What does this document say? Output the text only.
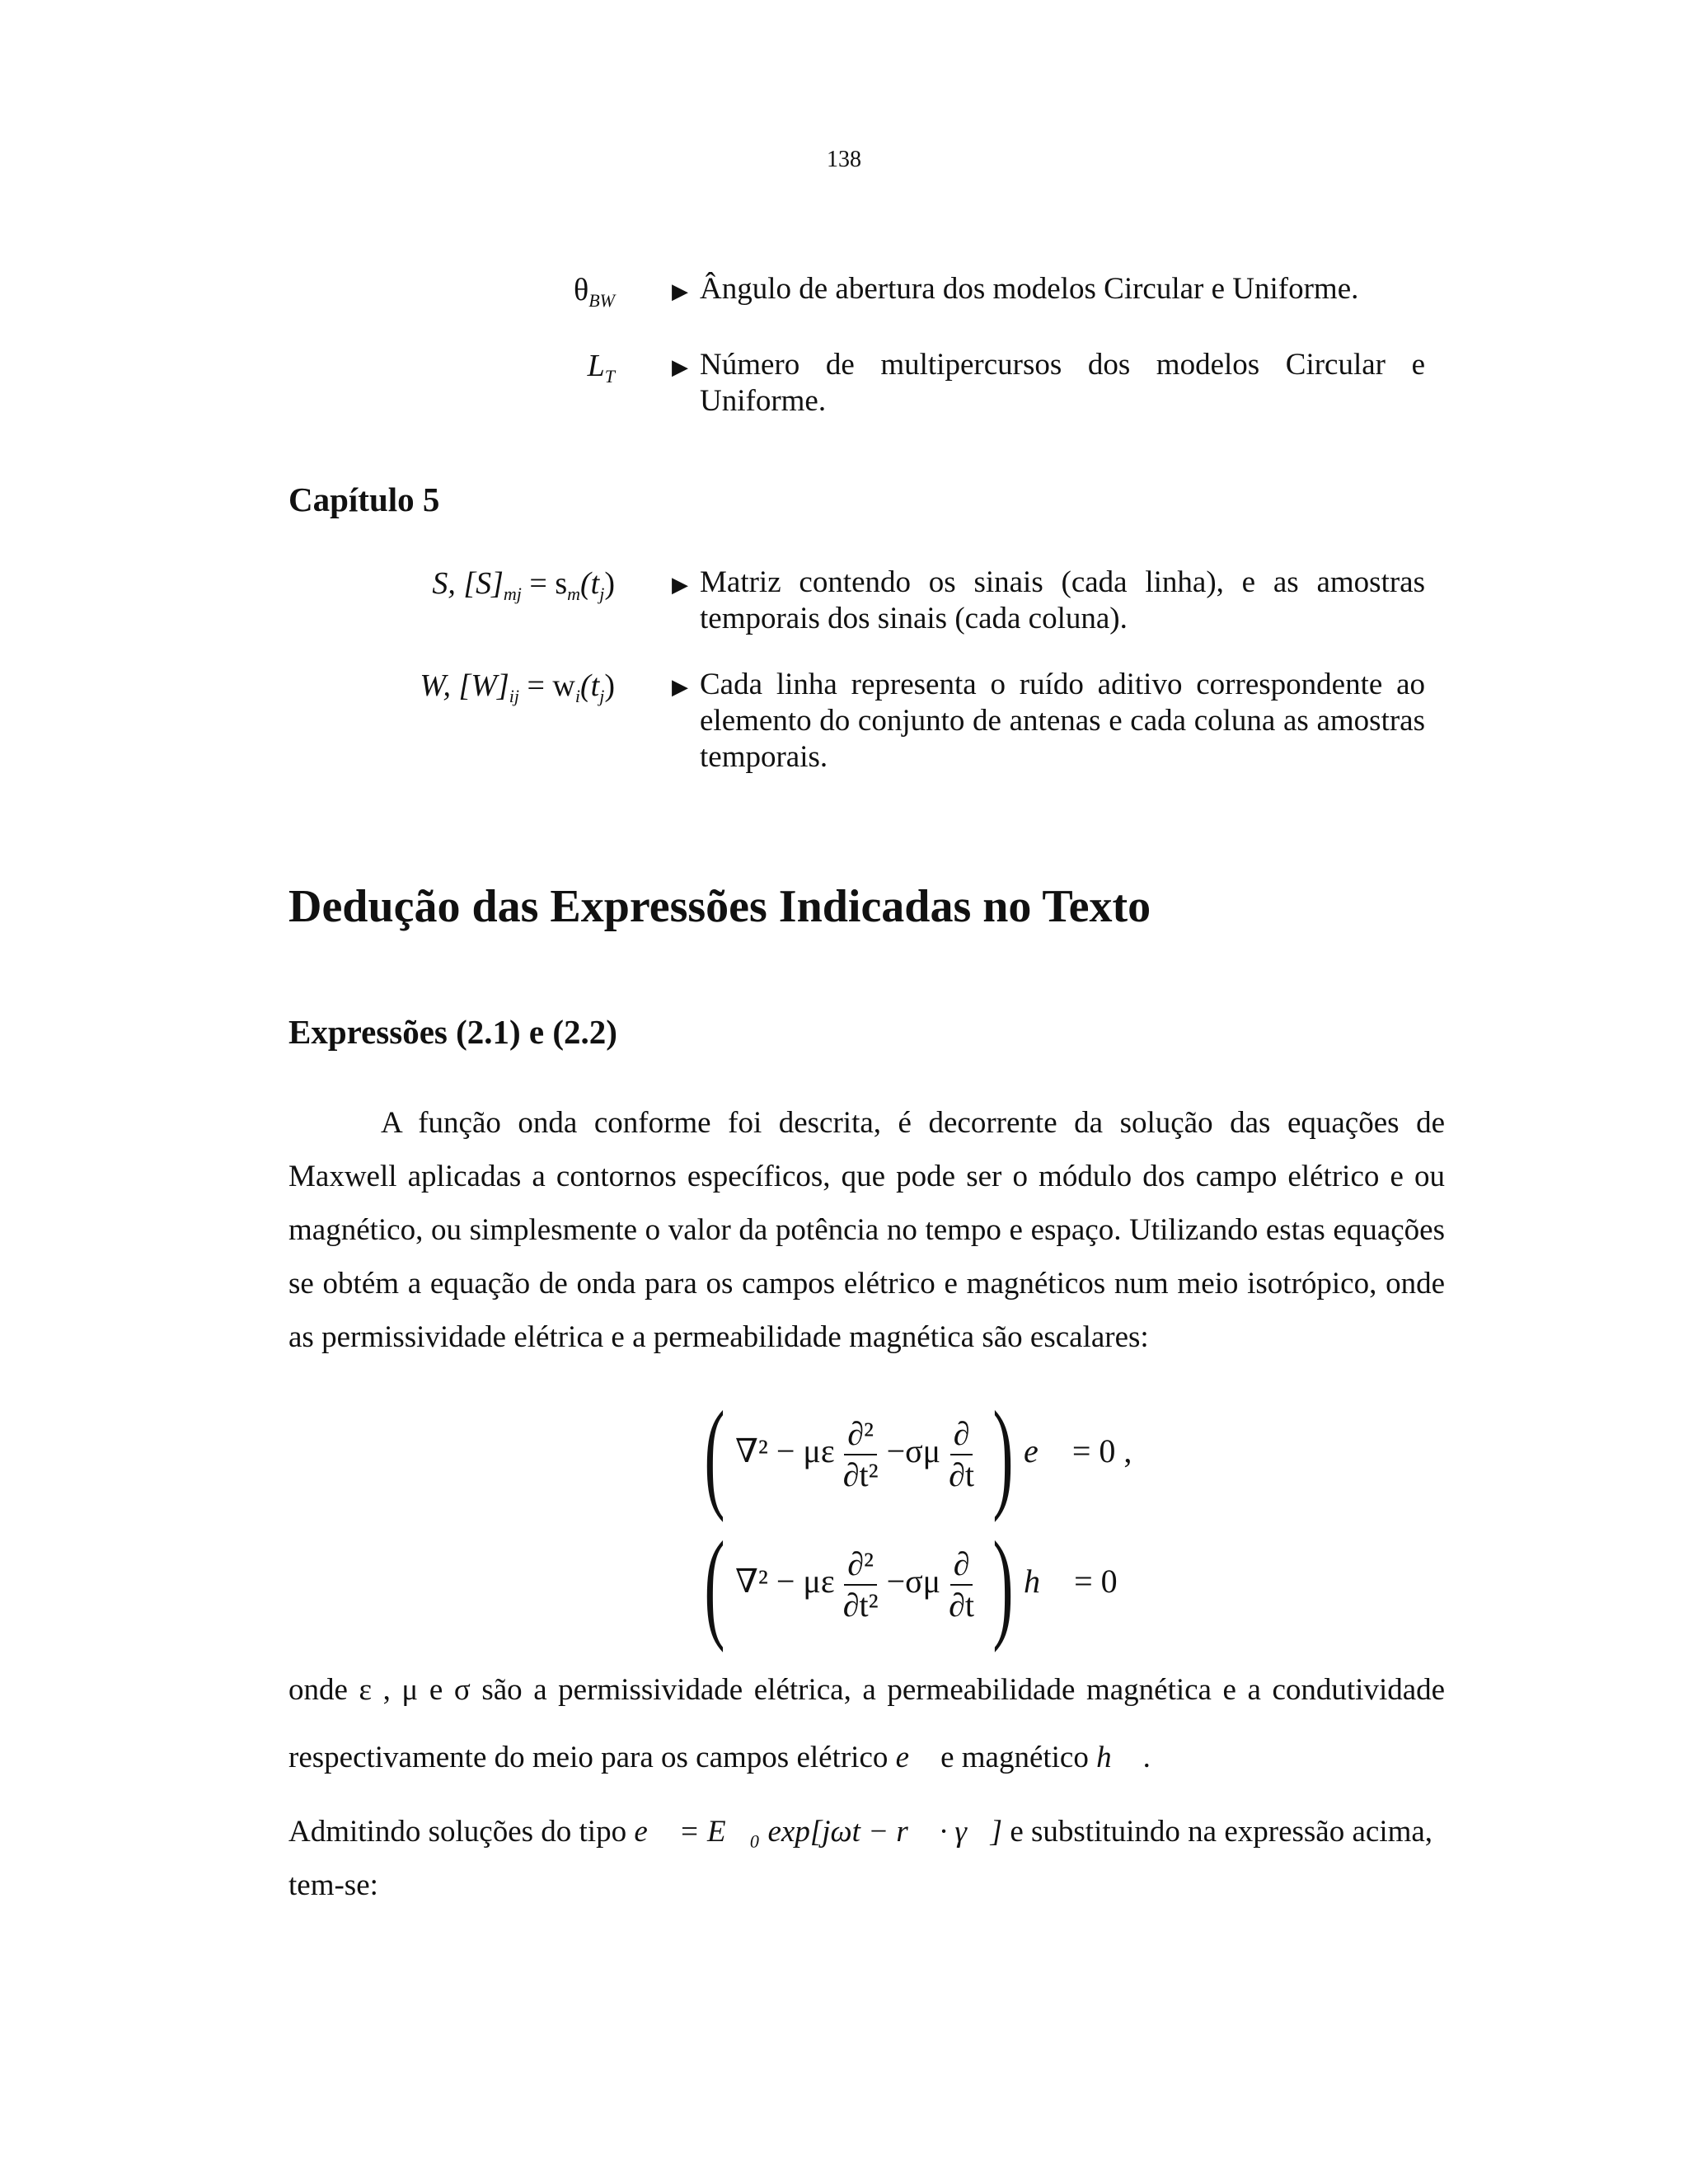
138
$\theta_{BW}$	▶ Ângulo de abertura dos modelos Circular e Uniforme.
$L_T$	▶ Número de multipercursos dos modelos Circular e Uniforme.
Capítulo 5
S, $[S]_{mj} = s_m(t_j)$	▶ Matriz contendo os sinais (cada linha), e as amostras temporais dos sinais (cada coluna).
W, $[W]_{ij} = w_i(t_j)$	▶ Cada linha representa o ruído aditivo correspondente ao elemento do conjunto de antenas e cada coluna as amostras temporais.
Dedução das Expressões Indicadas no Texto
Expressões (2.1) e (2.2)
A função onda conforme foi descrita, é decorrente da solução das equações de Maxwell aplicadas a contornos específicos, que pode ser o módulo dos campo elétrico e ou magnético, ou simplesmente o valor da potência no tempo e espaço. Utilizando estas equações se obtém a equação de onda para os campos elétrico e magnéticos num meio isotrópico, onde as permissividade elétrica e a permeabilidade magnética são escalares:
( ∇² − με $\frac{\text{∂²}}{\text{∂t²}} -\sigma\mu \frac{\partial}{\partial t}$ ) e⃗ = 0 ,
( ∇² − με $\frac{\text{∂²}}{\text{∂t²}} -\sigma\mu \frac{\partial}{\partial t}$ ) h⃗ = 0
onde ε , μ e σ são a permissividade elétrica, a permeabilidade magnética e a condutividade respectivamente do meio para os campos elétrico e⃗ e magnético h⃗ .
Admitindo soluções do tipo e⃗ = E⃗₀ exp[jωt − r⃗ · γ⃗] e substituindo na expressão acima, tem-se:
